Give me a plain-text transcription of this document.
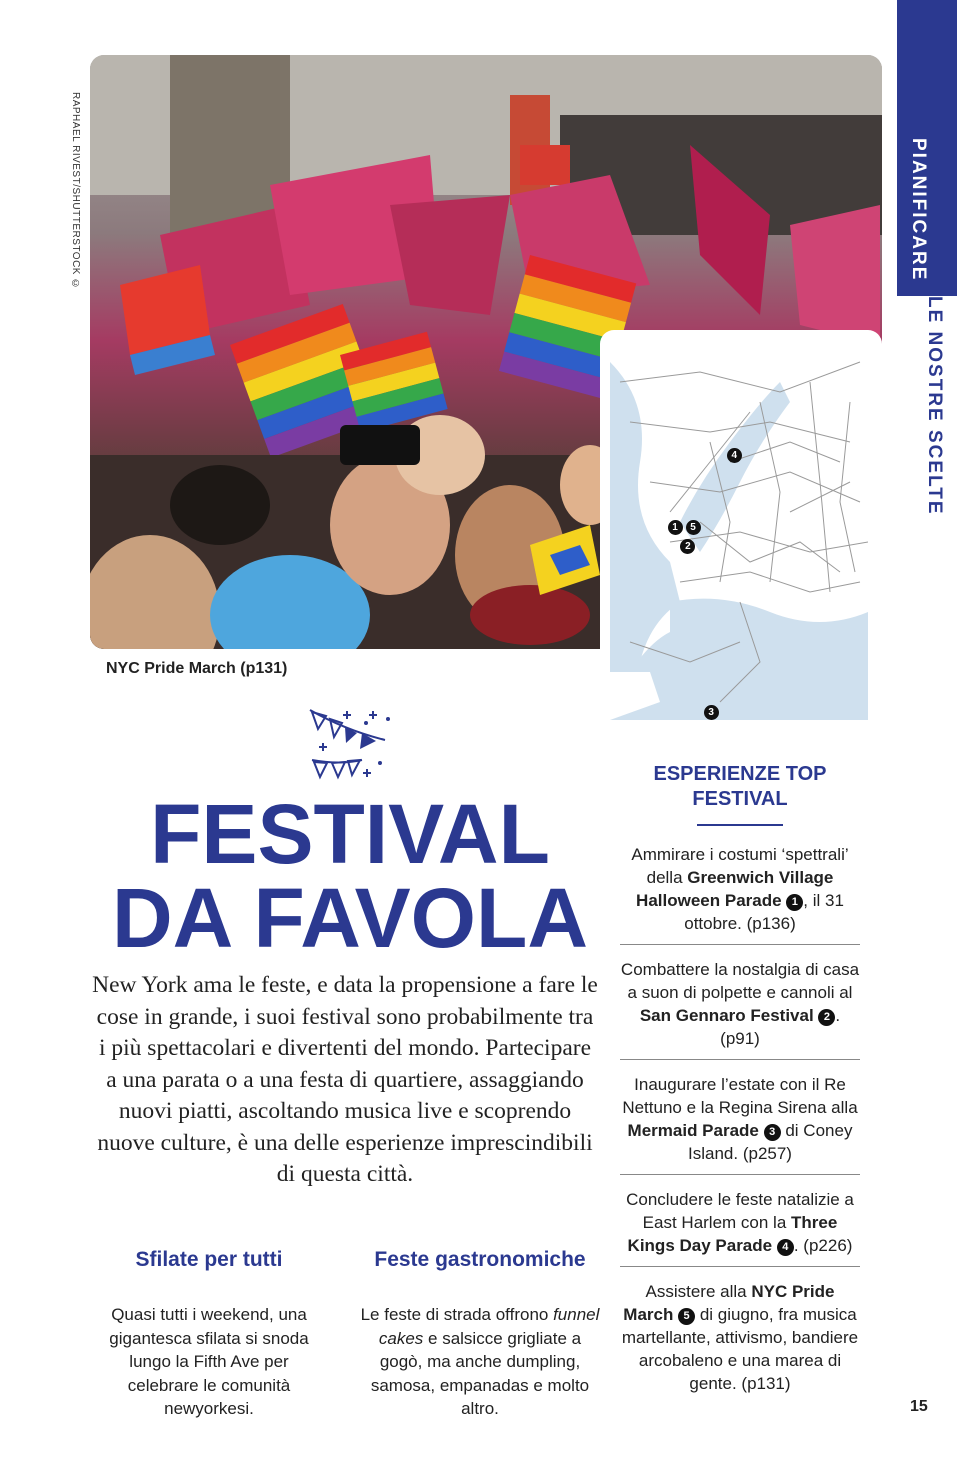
PIANIFICARE
LE NOSTRE SCELTE
RAPHAEL RIVEST/SHUTTERSTOCK ©
NYC Pride March (p131)
4
1	5
2
3
FESTIVAL
DA FAVOLA
New York ama le feste, e data la propensione a fare le cose in grande, i suoi festival sono probabilmente tra i più spettacolari e divertenti del mondo. Partecipare a una parata o a una festa di quartiere, assaggiando nuovi piatti, ascoltando musica live e scoprendo nuove culture, è una delle esperienze imprescindibili di questa città.
Sfilate per tutti
Quasi tutti i weekend, una gigantesca sfilata si snoda lungo la Fifth Ave per celebrare le comunità newyorkesi.
Feste gastronomiche
Le feste di strada offrono funnel cakes e salsicce grigliate a gogò, ma anche dumpling, samosa, empanadas e molto altro.
ESPERIENZE TOP
FESTIVAL
Ammirare i costumi ‘spettrali’ della Greenwich Village Halloween Parade 1 , il 31 ottobre. (p136)
Combattere la nostalgia di casa a suon di polpette e cannoli al San Gennaro Festival 2 . (p91)
Inaugurare l’estate con il Re Nettuno e la Regina Sirena alla Mermaid Parade 3 di Coney Island. (p257)
Concludere le feste natalizie a East Harlem con la Three Kings Day Parade 4 . (p226)
Assistere alla NYC Pride March 5 di giugno, fra musica martellante, attivismo, bandiere arcobaleno e una marea di gente. (p131)
15
